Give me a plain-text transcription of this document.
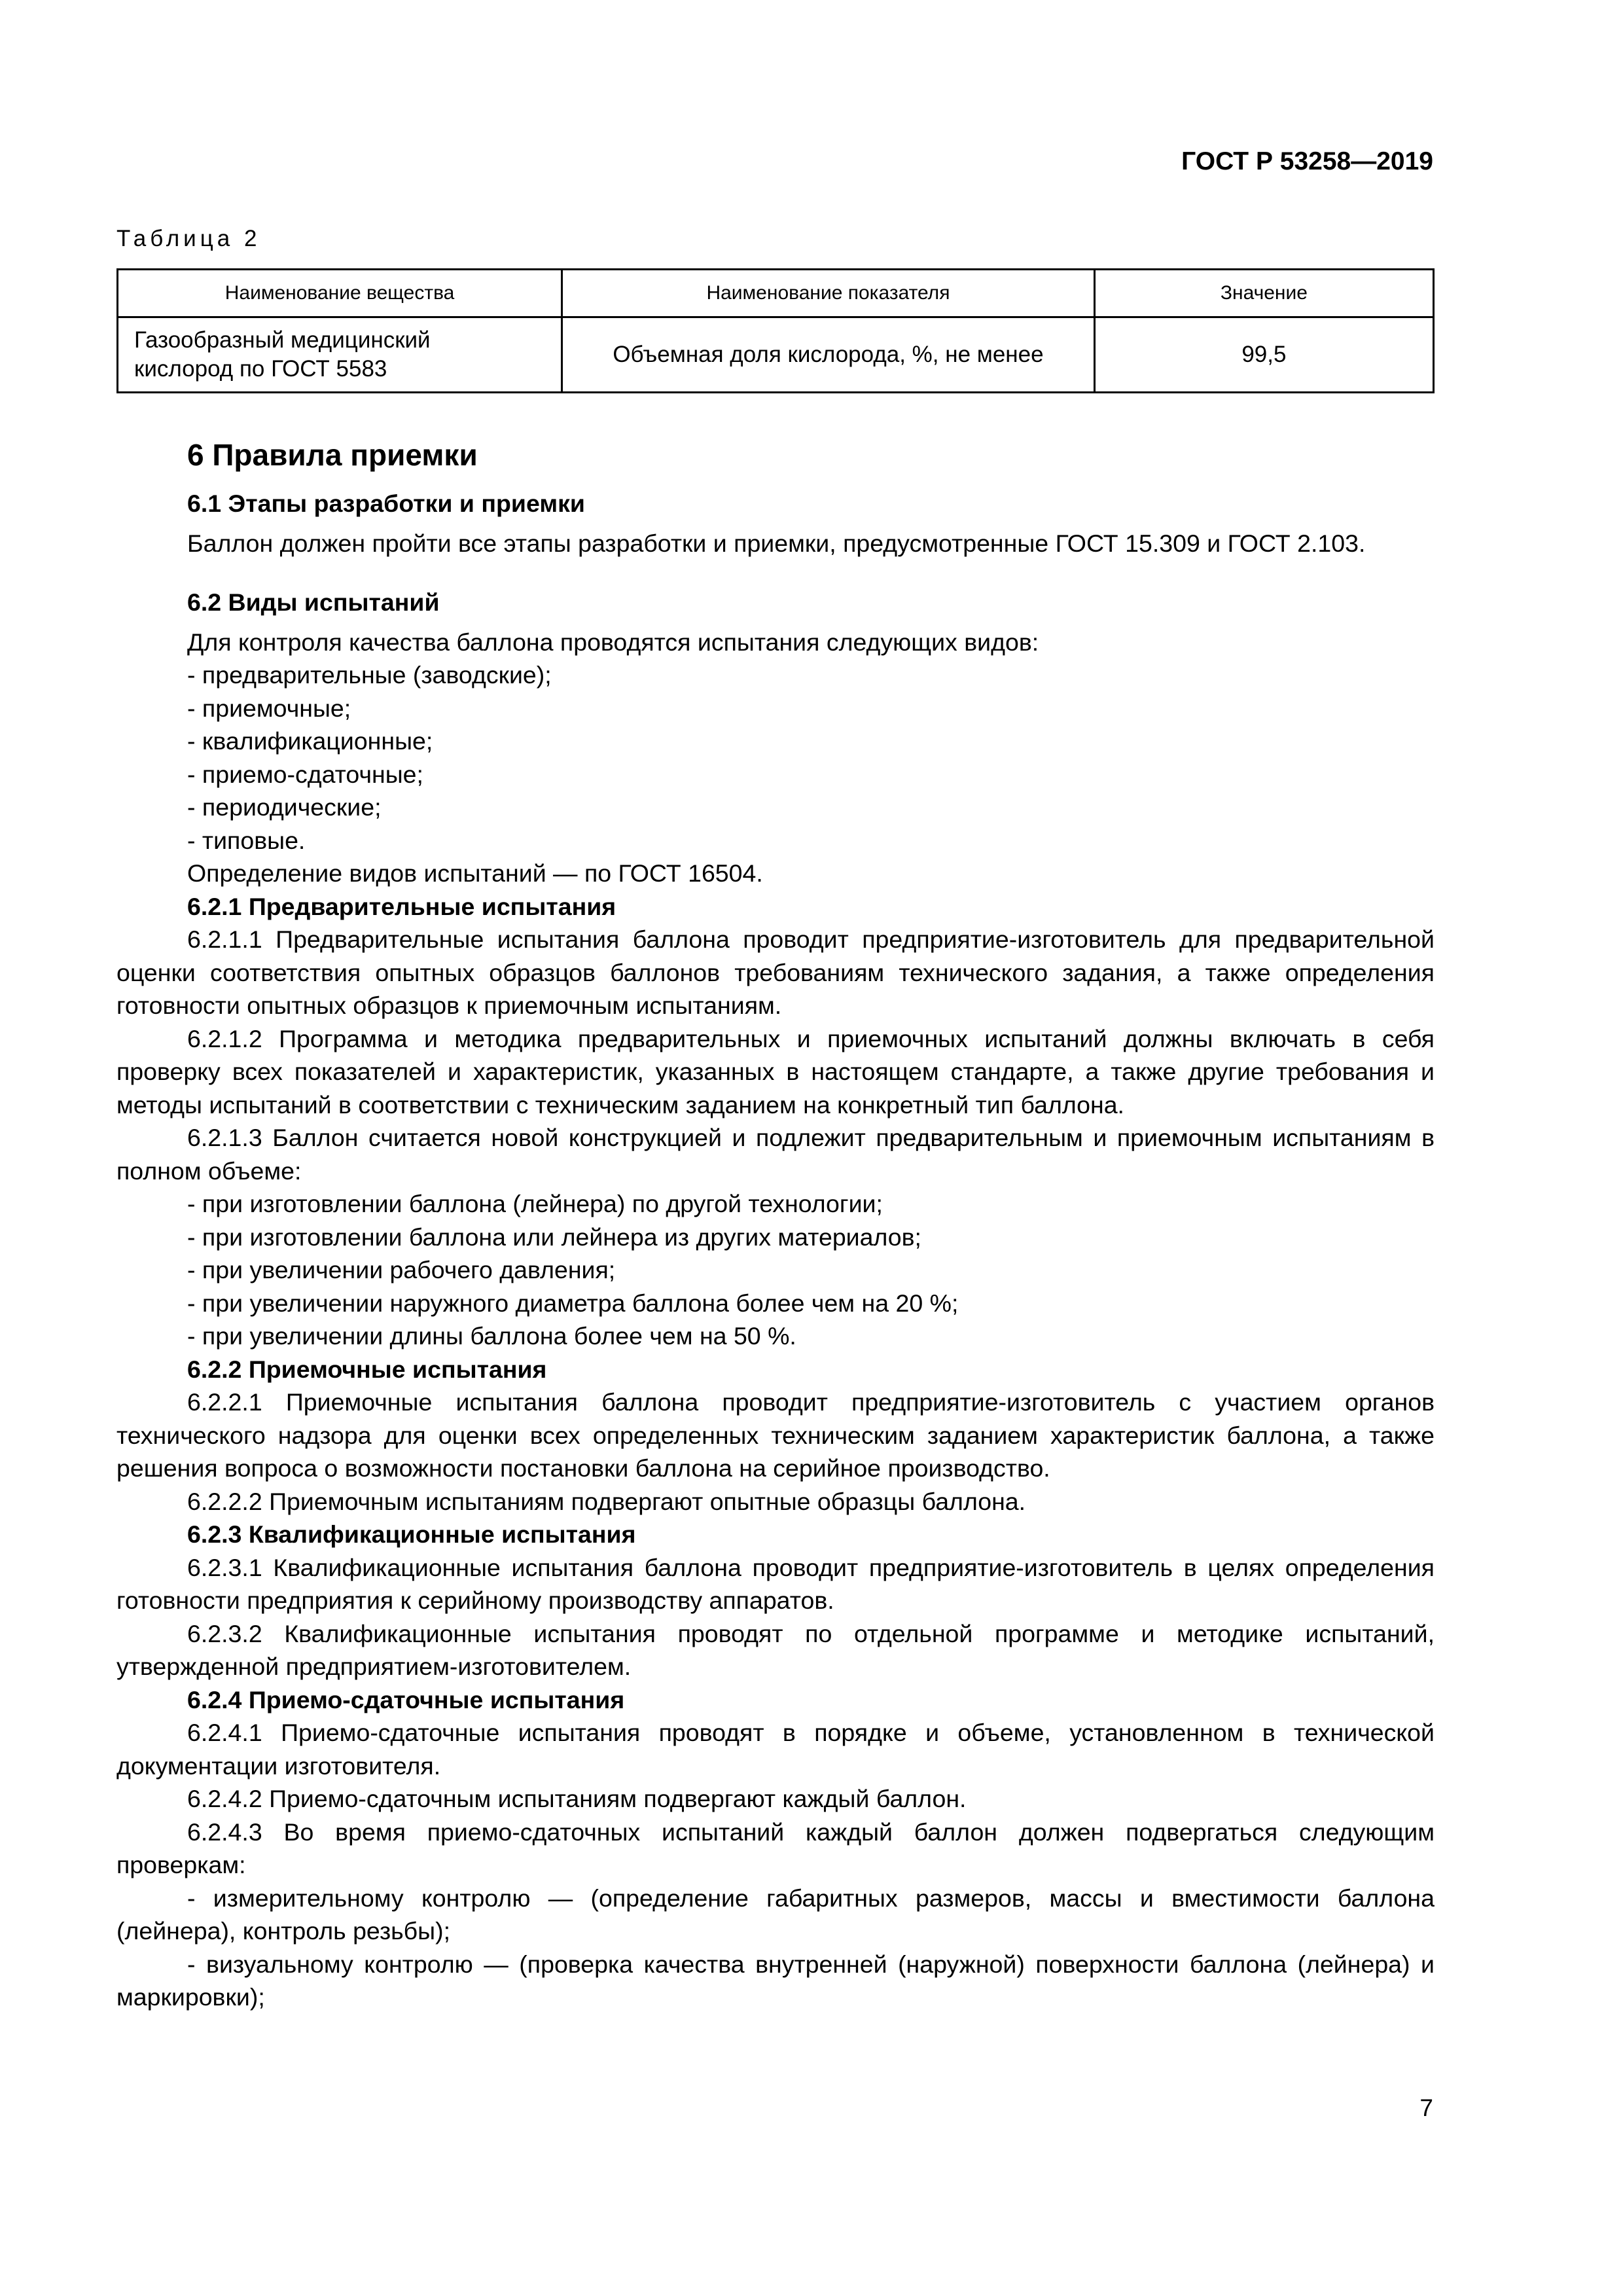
ГОСТ Р 53258—2019
Таблица 2
Наименование вещества	Наименование показателя	Значение
Газообразный медицинский
кислород по ГОСТ 5583	Объемная доля кислорода, %, не менее	99,5
6 Правила приемки
6.1 Этапы разработки и приемки

Баллон должен пройти все этапы разработки и приемки, предусмотренные ГОСТ 15.309 и ГОСТ 2.103.

6.2 Виды испытаний

Для контроля качества баллона проводятся испытания следующих видов:

- предварительные (заводские);
- приемочные;
- квалификационные;
- приемо-сдаточные;
- периодические;
- типовые.

Определение видов испытаний — по ГОСТ 16504.

6.2.1 Предварительные испытания

6.2.1.1 Предварительные испытания баллона проводит предприятие-изготовитель для предварительной оценки соответствия опытных образцов баллонов требованиям технического задания, а также определения готовности опытных образцов к приемочным испытаниям.

6.2.1.2 Программа и методика предварительных и приемочных испытаний должны включать в себя проверку всех показателей и характеристик, указанных в настоящем стандарте, а также другие требования и методы испытаний в соответствии с техническим заданием на конкретный тип баллона.

6.2.1.3 Баллон считается новой конструкцией и подлежит предварительным и приемочным испытаниям в полном объеме:

- при изготовлении баллона (лейнера) по другой технологии;
- при изготовлении баллона или лейнера из других материалов;
- при увеличении рабочего давления;
- при увеличении наружного диаметра баллона более чем на 20 %;
- при увеличении длины баллона более чем на 50 %.
6.2.2 Приемочные испытания

6.2.2.1 Приемочные испытания баллона проводит предприятие-изготовитель с участием органов технического надзора для оценки всех определенных техническим заданием характеристик баллона, а также решения вопроса о возможности постановки баллона на серийное производство.

6.2.2.2 Приемочным испытаниям подвергают опытные образцы баллона.

6.2.3 Квалификационные испытания

6.2.3.1 Квалификационные испытания баллона проводит предприятие-изготовитель в целях определения готовности предприятия к серийному производству аппаратов.

6.2.3.2 Квалификационные испытания проводят по отдельной программе и методике испытаний, утвержденной предприятием-изготовителем.

6.2.4 Приемо-сдаточные испытания

6.2.4.1 Приемо-сдаточные испытания проводят в порядке и объеме, установленном в технической документации изготовителя.

6.2.4.2 Приемо-сдаточным испытаниям подвергают каждый баллон.

6.2.4.3 Во время приемо-сдаточных испытаний каждый баллон должен подвергаться следующим проверкам:

- измерительному контролю — (определение габаритных размеров, массы и вместимости баллона (лейнера), контроль резьбы);

- визуальному контролю — (проверка качества внутренней (наружной) поверхности баллона (лейнера) и маркировки);

7
